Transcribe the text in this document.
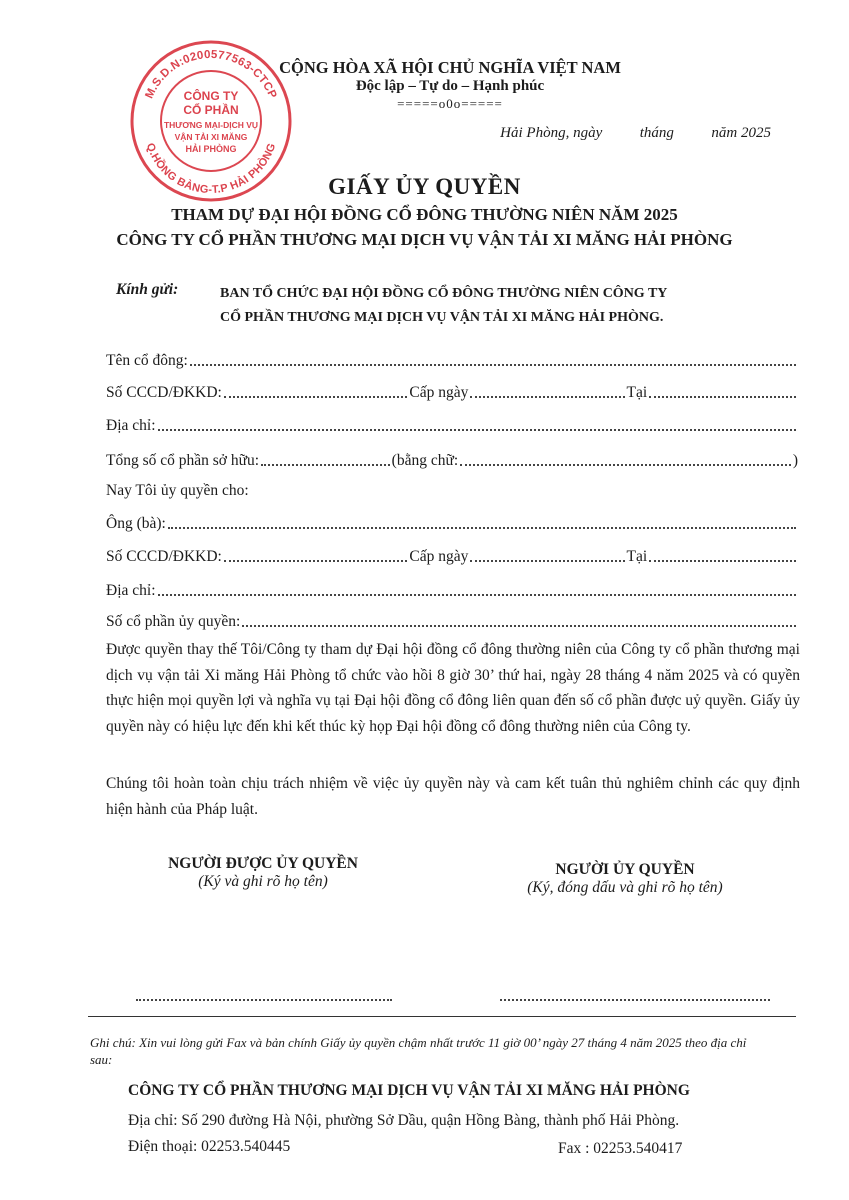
M.S.D.N:0200577563-CTCP
Q.HỒNG BÀNG-T.P HẢI PHÒNG
CÔNG TY
CỔ PHẦN
THƯƠNG MẠI-DỊCH VỤ
VẬN TẢI XI MĂNG
HẢI PHÒNG
CỘNG HÒA XÃ HỘI CHỦ NGHĨA VIỆT NAM
Độc lập – Tự do – Hạnh phúc
=====o0o=====
Hải Phòng, ngày	tháng	năm 2025
GIẤY ỦY QUYỀN
THAM DỰ ĐẠI HỘI ĐỒNG CỔ ĐÔNG THƯỜNG NIÊN NĂM 2025
CÔNG TY CỔ PHẦN THƯƠNG MẠI DỊCH VỤ VẬN TẢI XI MĂNG HẢI PHÒNG
Kính gửi:	BAN TỔ CHỨC ĐẠI HỘI ĐỒNG CỔ ĐÔNG THƯỜNG NIÊN CÔNG TY
CỔ PHẦN THƯƠNG MẠI DỊCH VỤ VẬN TẢI XI MĂNG HẢI PHÒNG.
Tên cổ đông:
Số CCCD/ĐKKD:	Cấp ngày	Tại
Địa chỉ:
Tổng số cổ phần sở hữu:	(bằng chữ:	)
Nay Tôi ủy quyền cho:
Ông (bà):
Số CCCD/ĐKKD:	Cấp ngày	Tại
Địa chỉ:
Số cổ phần ủy quyền:
Được quyền thay thế Tôi/Công ty tham dự Đại hội đồng cổ đông thường niên của Công ty cổ phần thương mại dịch vụ vận tải Xi măng Hải Phòng tổ chức vào hồi 8 giờ 30’ thứ hai, ngày 28 tháng 4 năm 2025 và có quyền thực hiện mọi quyền lợi và nghĩa vụ tại Đại hội đồng cổ đông liên quan đến số cổ phần được uỷ quyền. Giấy ủy quyền này có hiệu lực đến khi kết thúc kỳ họp Đại hội đồng cổ đông thường niên của Công ty.
Chúng tôi hoàn toàn chịu trách nhiệm về việc ủy quyền này và cam kết tuân thủ nghiêm chỉnh các quy định hiện hành của Pháp luật.
NGƯỜI ĐƯỢC ỦY QUYỀN
(Ký và ghi rõ họ tên)
NGƯỜI ỦY QUYỀN
(Ký, đóng dấu và ghi rõ họ tên)
Ghi chú: Xin vui lòng gửi Fax và bản chính Giấy ủy quyền chậm nhất trước 11 giờ 00’ ngày 27 tháng 4 năm 2025 theo địa chỉ sau:
CÔNG TY CỔ PHẦN THƯƠNG MẠI DỊCH VỤ VẬN TẢI XI MĂNG HẢI PHÒNG
Địa chỉ: Số 290 đường Hà Nội, phường Sở Dầu, quận Hồng Bàng, thành phố Hải Phòng.
Điện thoại: 02253.540445	Fax : 02253.540417
